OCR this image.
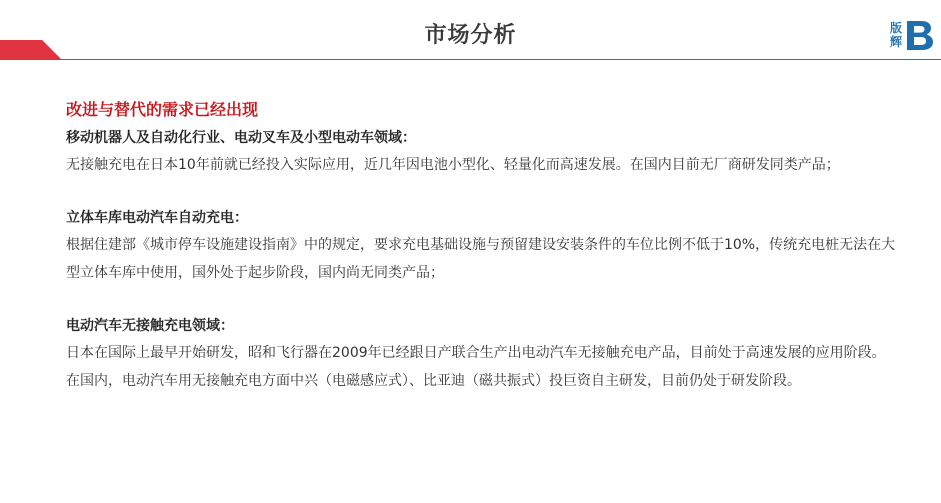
市场分析	版辉
改进与替代的需求已经出现
移动机器人及自动化行业、电动叉车及小型电动车领域：
无接触充电在日本10年前就已经投入实际应用，近几年因电池小型化、轻量化而高速发展。在国内目前无厂商研发同类产品；
立体车库电动汽车自动充电：
根据住建部《城市停车设施建设指南》中的规定，要求充电基础设施与预留建设安装条件的车位比例不低于10%，传统充电桩无法在大型立体车库中使用，国外处于起步阶段，国内尚无同类产品；
电动汽车无接触充电领域：
日本在国际上最早开始研发，昭和飞行器在2009年已经跟日产联合生产出电动汽车无接触充电产品，目前处于高速发展的应用阶段。在国内，电动汽车用无接触充电方面中兴（电磁感应式）、比亚迪（磁共振式）投巨资自主研发，目前仍处于研发阶段。
